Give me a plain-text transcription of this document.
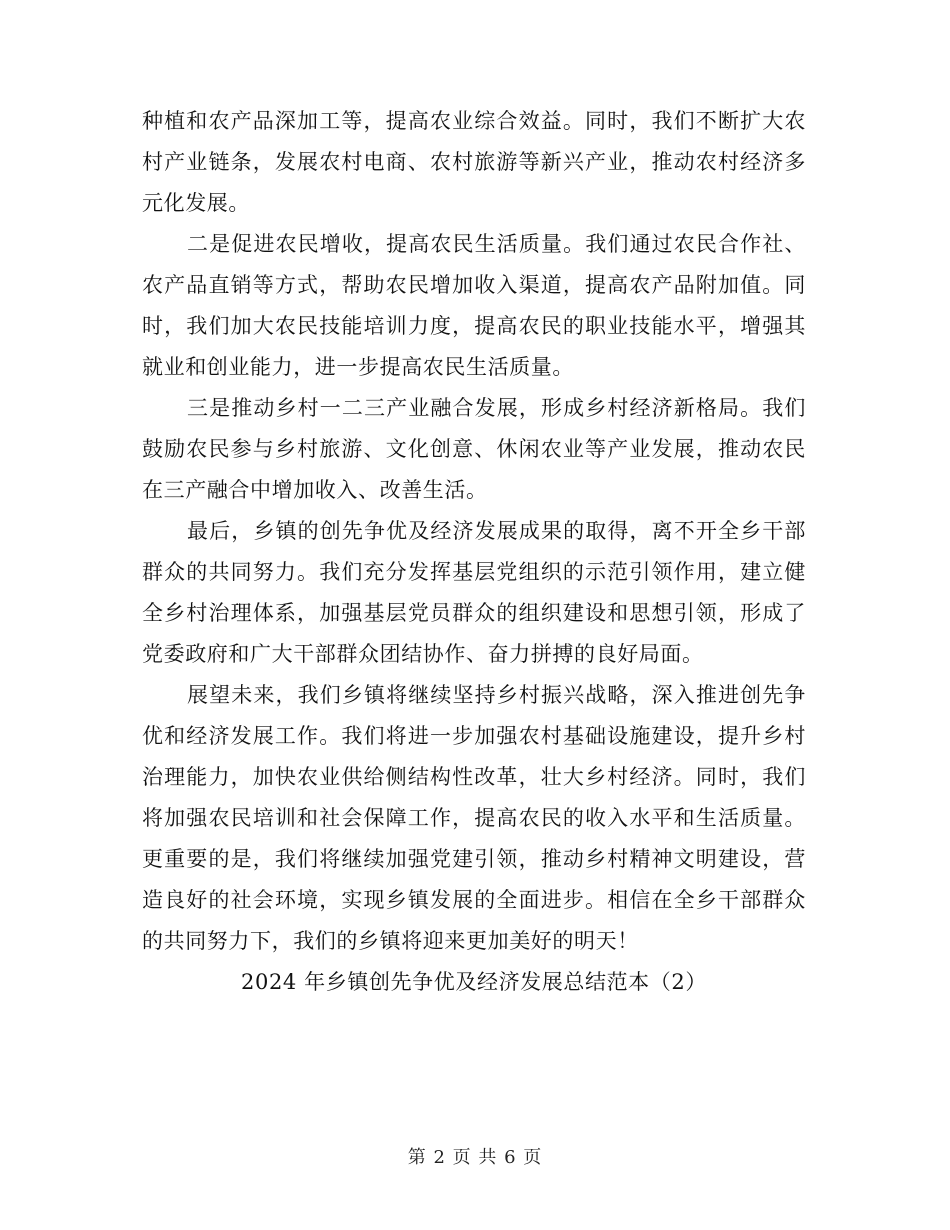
种植和农产品深加工等，提高农业综合效益。同时，我们不断扩大农村产业链条，发展农村电商、农村旅游等新兴产业，推动农村经济多元化发展。

二是促进农民增收，提高农民生活质量。我们通过农民合作社、农产品直销等方式，帮助农民增加收入渠道，提高农产品附加值。同时，我们加大农民技能培训力度，提高农民的职业技能水平，增强其就业和创业能力，进一步提高农民生活质量。

三是推动乡村一二三产业融合发展，形成乡村经济新格局。我们鼓励农民参与乡村旅游、文化创意、休闲农业等产业发展，推动农民在三产融合中增加收入、改善生活。

最后，乡镇的创先争优及经济发展成果的取得，离不开全乡干部群众的共同努力。我们充分发挥基层党组织的示范引领作用，建立健全乡村治理体系，加强基层党员群众的组织建设和思想引领，形成了党委政府和广大干部群众团结协作、奋力拼搏的良好局面。

展望未来，我们乡镇将继续坚持乡村振兴战略，深入推进创先争优和经济发展工作。我们将进一步加强农村基础设施建设，提升乡村治理能力，加快农业供给侧结构性改革，壮大乡村经济。同时，我们将加强农民培训和社会保障工作，提高农民的收入水平和生活质量。更重要的是，我们将继续加强党建引领，推动乡村精神文明建设，营造良好的社会环境，实现乡镇发展的全面进步。相信在全乡干部群众的共同努力下，我们的乡镇将迎来更加美好的明天！

2024 年乡镇创先争优及经济发展总结范本（2）

第 2 页 共 6 页
